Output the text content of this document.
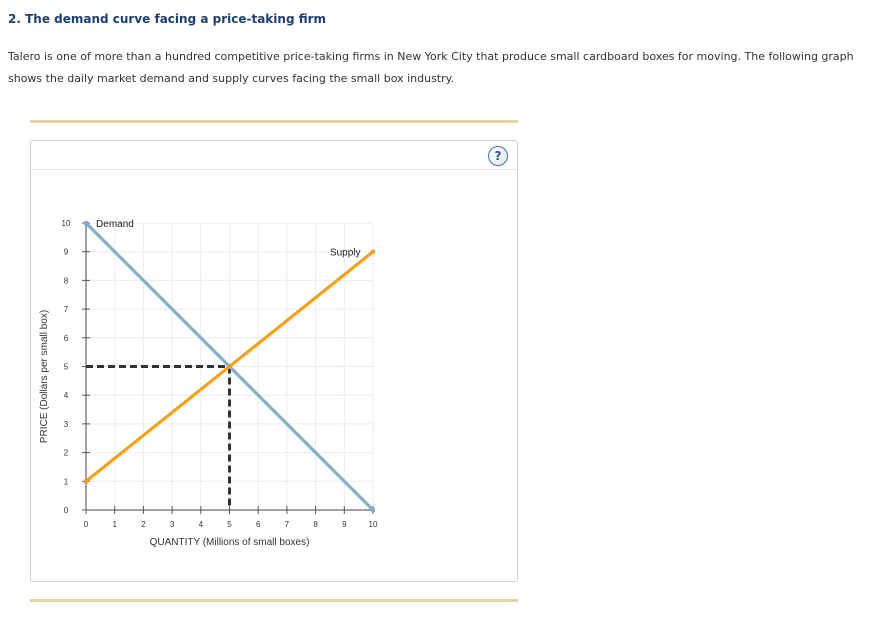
2. The demand curve facing a price-taking firm
Talero is one of more than a hundred competitive price-taking firms in New York City that produce small cardboard boxes for moving. The following graph shows the daily market demand and supply curves facing the small box industry.
?
0	1	2	3	4	5	6	7	8	9	10
0
1
2
3
4
5
6
7
8
9
10
QUANTITY (Millions of small boxes)
PRICE (Dollars per small box)
Demand
Supply
